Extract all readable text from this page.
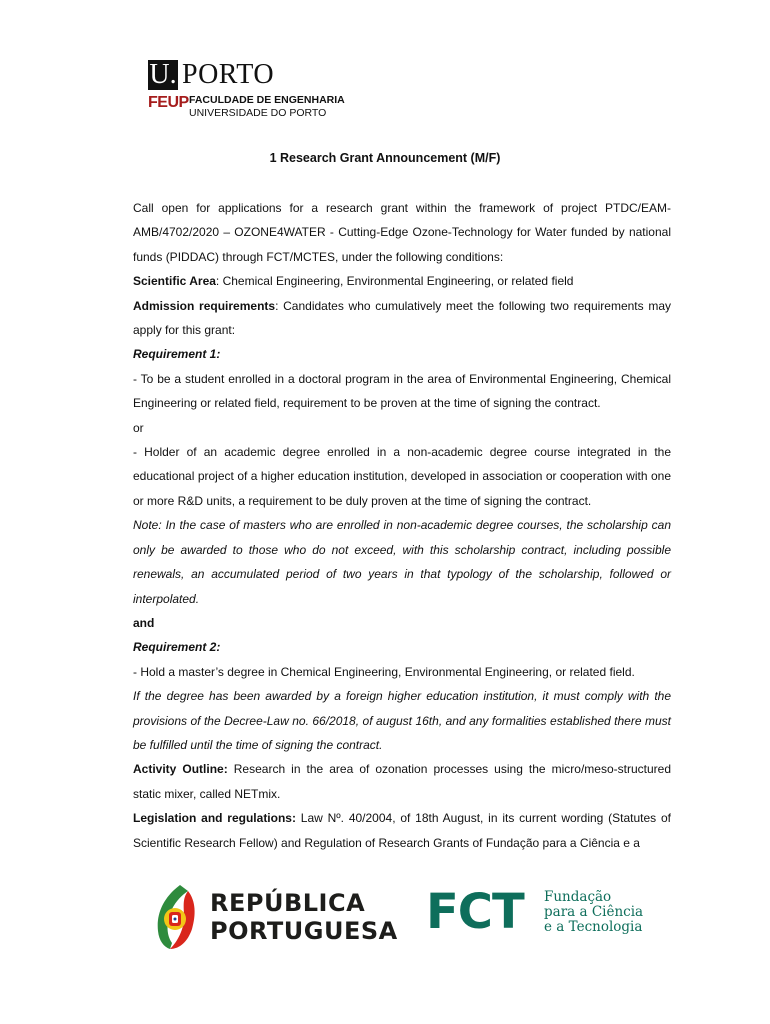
U. PORTO
FEUP FACULDADE DE ENGENHARIA
UNIVERSIDADE DO PORTO
1 Research Grant Announcement (M/F)

Call open for applications for a research grant within the framework of project PTDC/EAM-AMB/4702/2020 – OZONE4WATER - Cutting-Edge Ozone-Technology for Water funded by national funds (PIDDAC) through FCT/MCTES, under the following conditions:

Scientific Area: Chemical Engineering, Environmental Engineering, or related field

Admission requirements: Candidates who cumulatively meet the following two requirements may apply for this grant:

Requirement 1:

- To be a student enrolled in a doctoral program in the area of Environmental Engineering, Chemical Engineering or related field, requirement to be proven at the time of signing the contract.

or

- Holder of an academic degree enrolled in a non-academic degree course integrated in the educational project of a higher education institution, developed in association or cooperation with one or more R&D units, a requirement to be duly proven at the time of signing the contract.

Note: In the case of masters who are enrolled in non-academic degree courses, the scholarship can only be awarded to those who do not exceed, with this scholarship contract, including possible renewals, an accumulated period of two years in that typology of the scholarship, followed or interpolated.

and

Requirement 2:

- Hold a master’s degree in Chemical Engineering, Environmental Engineering, or related field.

If the degree has been awarded by a foreign higher education institution, it must comply with the provisions of the Decree-Law no. 66/2018, of august 16th, and any formalities established there must be fulfilled until the time of signing the contract.

Activity Outline: Research in the area of ozonation processes using the micro/meso-structured static mixer, called NETmix.

Legislation and regulations: Law Nº. 40/2004, of 18th August, in its current wording (Statutes of Scientific Research Fellow) and Regulation of Research Grants of Fundação para a Ciência e a

REPÚBLICA
PORTUGUESA FCT Fundação
para a Ciência
e a Tecnologia
